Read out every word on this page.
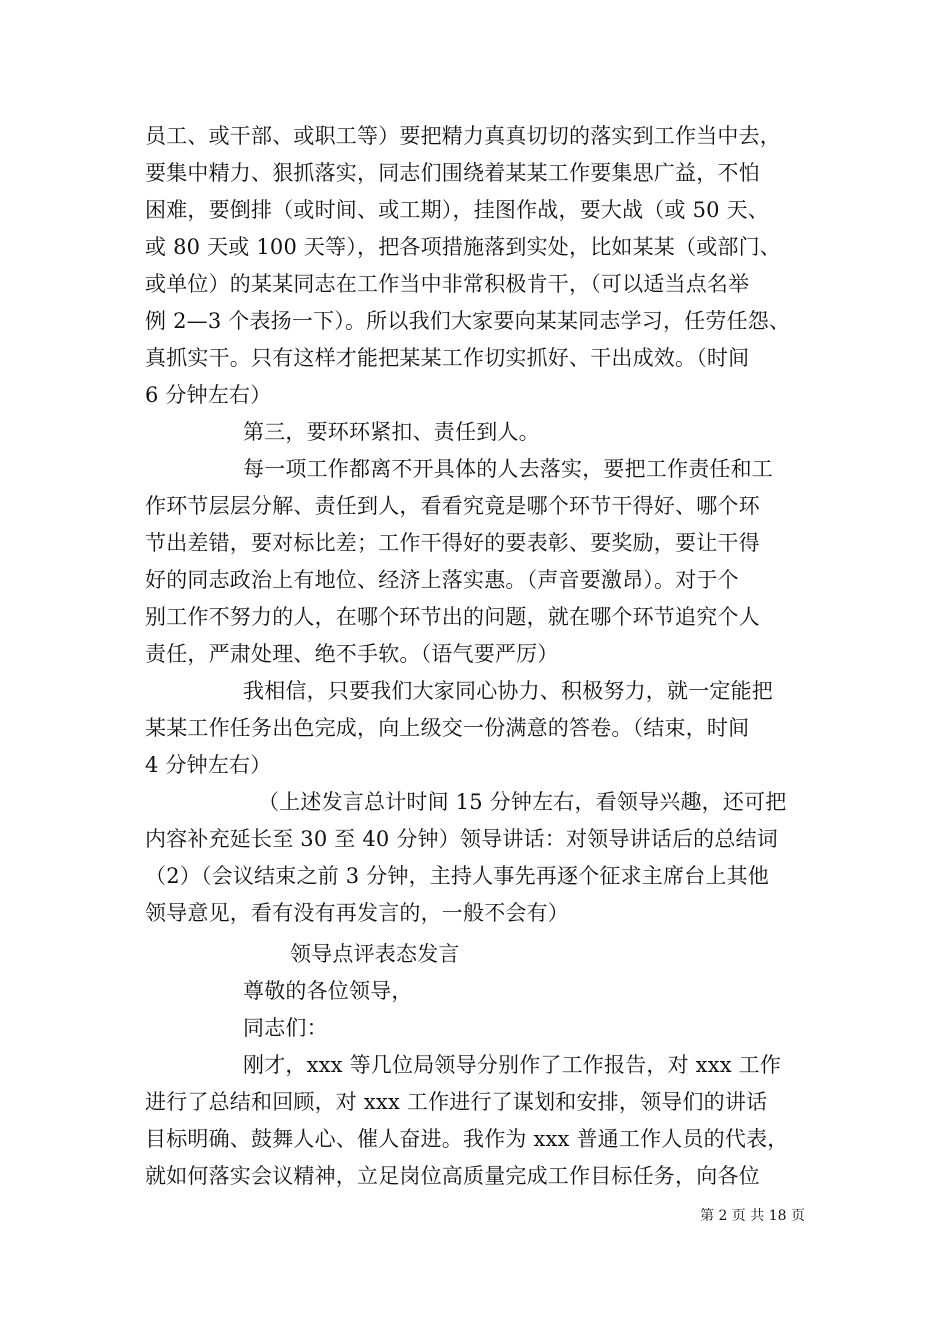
员工、或干部、或职工等）要把精力真真切切的落实到工作当中去，
要集中精力、狠抓落实，同志们围绕着某某工作要集思广益，不怕
困难，要倒排（或时间、或工期），挂图作战，要大战（或 50 天、
或 80 天或 100 天等），把各项措施落到实处，比如某某（或部门、
或单位）的某某同志在工作当中非常积极肯干，（可以适当点名举
例 2—3 个表扬一下）。所以我们大家要向某某同志学习，任劳任怨、
真抓实干。只有这样才能把某某工作切实抓好、干出成效。（时间
6 分钟左右）
第三，要环环紧扣、责任到人。
每一项工作都离不开具体的人去落实，要把工作责任和工
作环节层层分解、责任到人，看看究竟是哪个环节干得好、哪个环
节出差错，要对标比差；工作干得好的要表彰、要奖励，要让干得
好的同志政治上有地位、经济上落实惠。（声音要激昂）。对于个
别工作不努力的人，在哪个环节出的问题，就在哪个环节追究个人
责任，严肃处理、绝不手软。（语气要严厉）
我相信，只要我们大家同心协力、积极努力，就一定能把
某某工作任务出色完成，向上级交一份满意的答卷。（结束，时间
4 分钟左右）
（上述发言总计时间 15 分钟左右，看领导兴趣，还可把
内容补充延长至 30 至 40 分钟）领导讲话：对领导讲话后的总结词
（2）（会议结束之前 3 分钟，主持人事先再逐个征求主席台上其他
领导意见，看有没有再发言的，一般不会有）
领导点评表态发言
尊敬的各位领导，
同志们：
刚才，xxx 等几位局领导分别作了工作报告，对 xxx 工作
进行了总结和回顾，对 xxx 工作进行了谋划和安排，领导们的讲话
目标明确、鼓舞人心、催人奋进。我作为 xxx 普通工作人员的代表，
就如何落实会议精神，立足岗位高质量完成工作目标任务，向各位
第 2 页 共 18 页
